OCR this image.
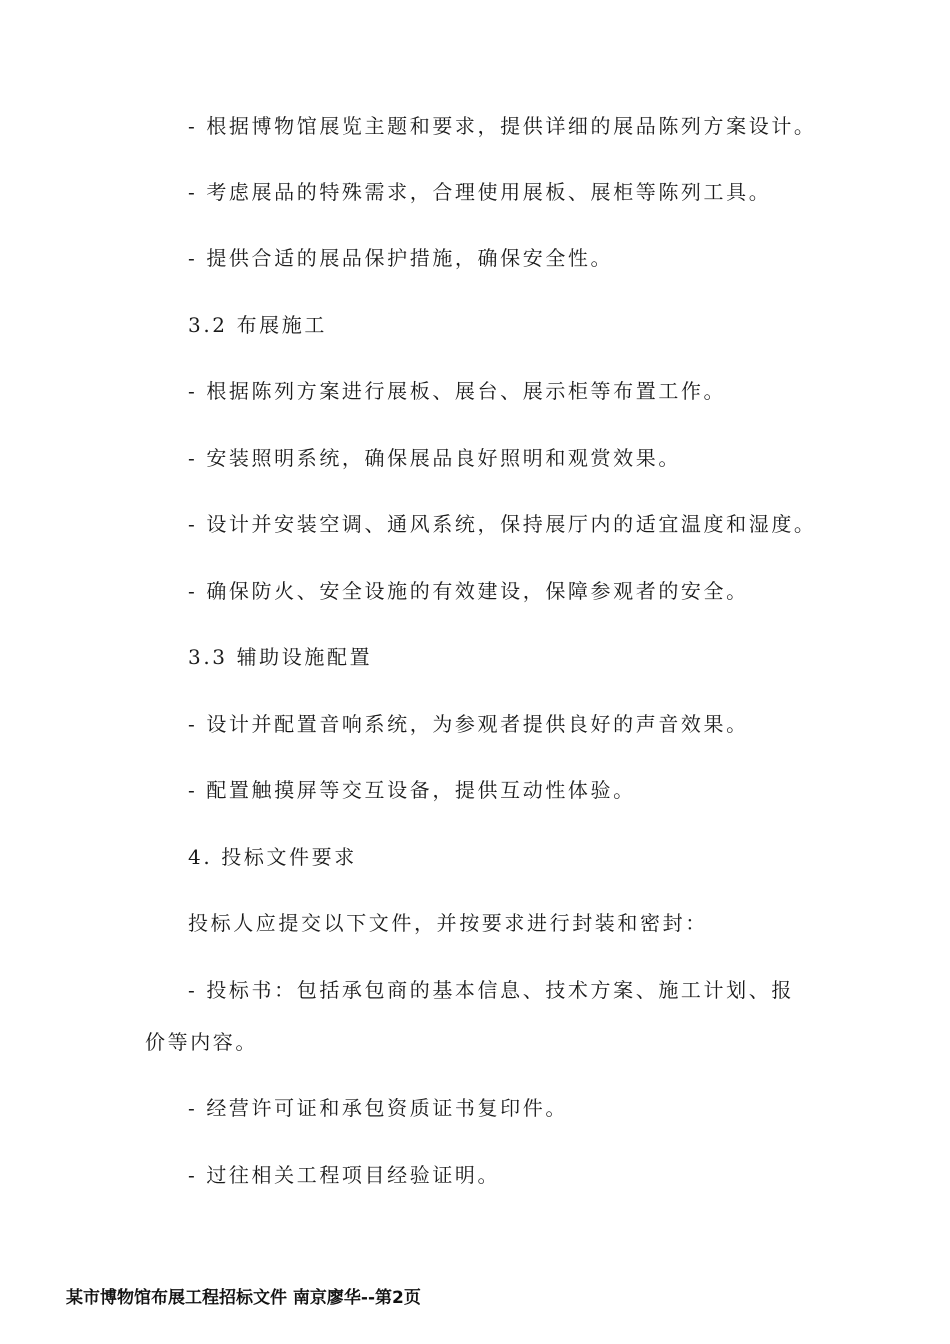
- 根据博物馆展览主题和要求，提供详细的展品陈列方案设计。
- 考虑展品的特殊需求，合理使用展板、展柜等陈列工具。
- 提供合适的展品保护措施，确保安全性。
3.2 布展施工
- 根据陈列方案进行展板、展台、展示柜等布置工作。
- 安装照明系统，确保展品良好照明和观赏效果。
- 设计并安装空调、通风系统，保持展厅内的适宜温度和湿度。
- 确保防火、安全设施的有效建设，保障参观者的安全。
3.3 辅助设施配置
- 设计并配置音响系统，为参观者提供良好的声音效果。
- 配置触摸屏等交互设备，提供互动性体验。
4. 投标文件要求
投标人应提交以下文件，并按要求进行封装和密封：
- 投标书：包括承包商的基本信息、技术方案、施工计划、报
价等内容。
- 经营许可证和承包资质证书复印件。
- 过往相关工程项目经验证明。
某市博物馆布展工程招标文件 南京廖华--第2页
